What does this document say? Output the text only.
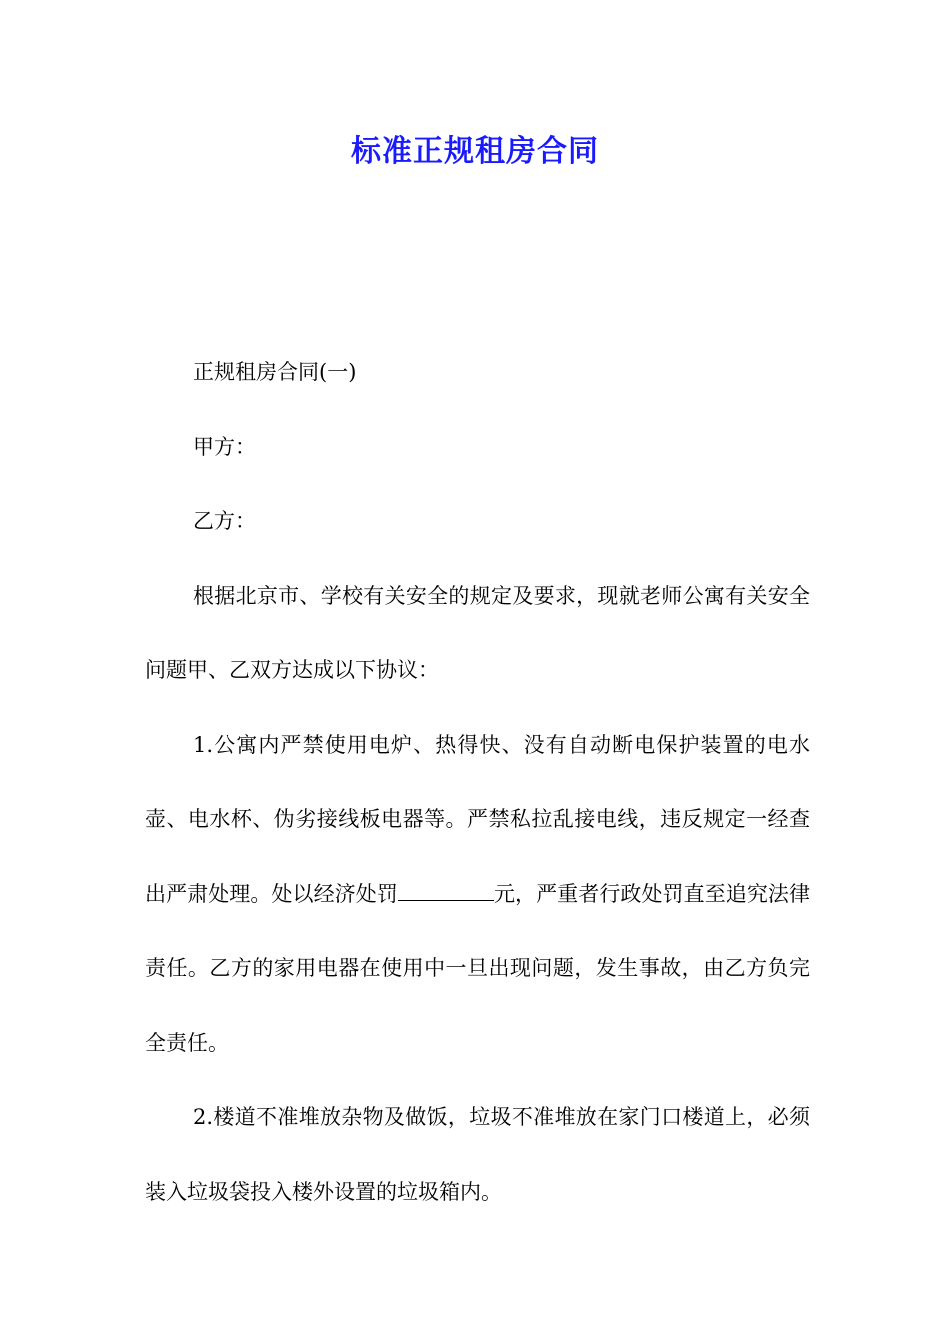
标准正规租房合同

正规租房合同(一)

甲方：

乙方：

根据北京市、学校有关安全的规定及要求，现就老师公寓有关安全问题甲、乙双方达成以下协议：

1.公寓内严禁使用电炉、热得快、没有自动断电保护装置的电水壶、电水杯、伪劣接线板电器等。严禁私拉乱接电线，违反规定一经查出严肃处理。处以经济处罚	元，严重者行政处罚直至追究法律责任。乙方的家用电器在使用中一旦出现问题，发生事故，由乙方负完全责任。

2.楼道不准堆放杂物及做饭，垃圾不准堆放在家门口楼道上，必须装入垃圾袋投入楼外设置的垃圾箱内。
